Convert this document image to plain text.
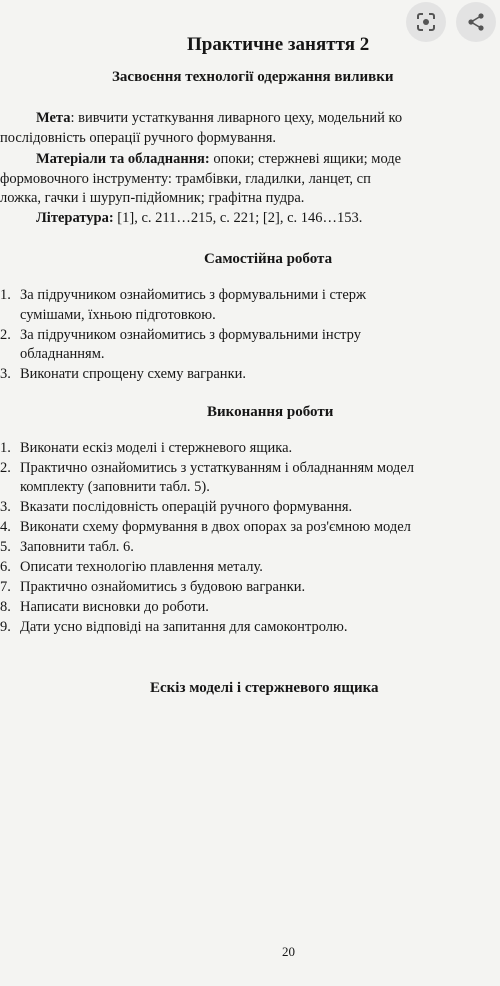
Практичне заняття 2
Засвоєння технології одержання виливки
Мета: вивчити устаткування ливарного цеху, модельний ко
послідовність операції ручного формування.
Матеріали та обладнання: опоки; стержневі ящики; моде
формовочного інструменту: трамбівки, гладилки, ланцет, сп
ложка, гачки і шуруп-підйомник; графітна пудра.
Література: [1], с. 211…215, с. 221; [2], с. 146…153.
Самостійна робота
1. За підручником ознайомитись з формувальними і стерж
сумішами, їхньою підготовкою.
2. За підручником ознайомитись з формувальними інстру
обладнанням.
3. Виконати спрощену схему вагранки.
Виконання роботи
1. Виконати ескіз моделі і стержневого ящика.
2. Практично ознайомитись з устаткуванням і обладнанням модел
комплекту (заповнити табл. 5).
3. Вказати послідовність операцій ручного формування.
4. Виконати схему формування в двох опорах за роз'ємною модел
5. Заповнити табл. 6.
6. Описати технологію плавлення металу.
7. Практично ознайомитись з будовою вагранки.
8. Написати висновки до роботи.
9. Дати усно відповіді на запитання для самоконтролю.
Ескіз моделі і стержневого ящика
20
